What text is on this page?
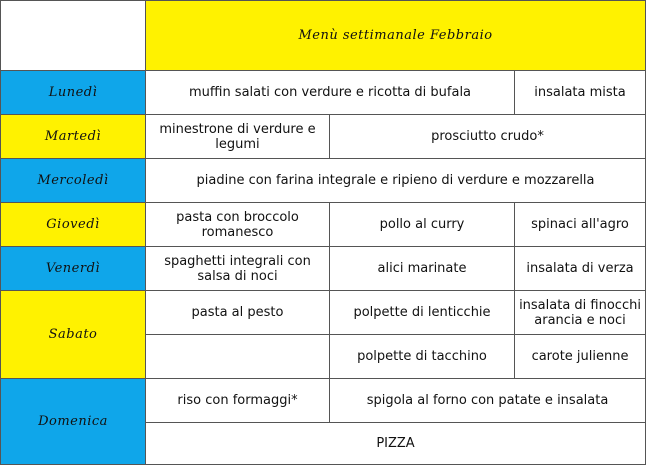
	Menù settimanale Febbraio		
Lunedì	muffin salati con verdure e ricotta di bufala		insalata mista
Martedì	minestrone di verdure e legumi	prosciutto crudo*	
Mercoledì	piadine con farina integrale e ripieno di verdure e mozzarella		
Giovedì	pasta con broccolo romanesco	pollo al curry	spinaci all'agro
Venerdì	spaghetti integrali con salsa di noci	alici marinate	insalata di verza
Sabato	pasta al pesto	polpette di lenticchie	insalata di finocchi arancia e noci
		polpette di tacchino	carote julienne
Domenica	riso con formaggi*	spigola al forno con patate e insalata	
	PIZZA		
